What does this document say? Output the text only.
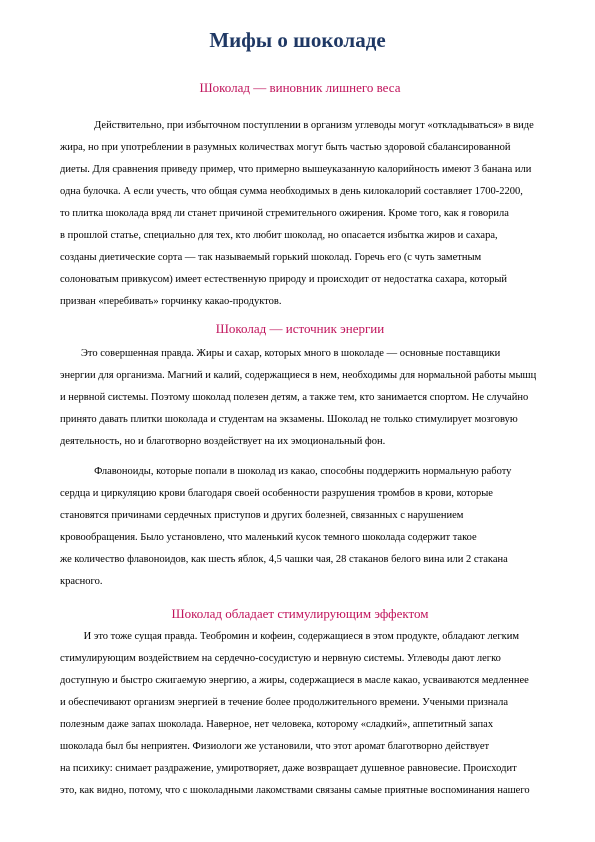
Мифы о шоколаде
Шоколад — виновник лишнего веса
Действительно, при избыточном поступлении в организм углеводы могут «откладываться» в виде
жира, но при употреблении в разумных количествах могут быть частью здоровой сбалансированной
диеты. Для сравнения приведу пример, что примерно вышеуказанную калорийность имеют 3 банана или
одна булочка. А если учесть, что общая сумма необходимых в день килокалорий составляет 1700-2200,
то плитка шоколада вряд ли станет причиной стремительного ожирения. Кроме того, как я говорила
в прошлой статье, специально для тех, кто любит шоколад, но опасается избытка жиров и сахара,
созданы диетические сорта — так называемый горький шоколад. Горечь его (с чуть заметным
солоноватым привкусом) имеет естественную природу и происходит от недостатка сахара, который
призван «перебивать» горчинку какао-продуктов.
Шоколад — источник энергии
Это совершенная правда. Жиры и сахар, которых много в шоколаде — основные поставщики
энергии для организма. Магний и калий, содержащиеся в нем, необходимы для нормальной работы мышц
и нервной системы. Поэтому шоколад полезен детям, а также тем, кто занимается спортом. Не случайно
принято давать плитки шоколада и студентам на экзамены. Шоколад не только стимулирует мозговую
деятельность, но и благотворно воздействует на их эмоциональный фон.
Флавоноиды, которые попали в шоколад из какао, способны поддержить нормальную работу
сердца и циркуляцию крови благодаря своей особенности разрушения тромбов в крови, которые
становятся причинами сердечных приступов и других болезней, связанных с нарушением
кровообращения. Было установлено, что маленький кусок темного шоколада содержит такое
же количество флавоноидов, как шесть яблок, 4,5 чашки чая, 28 стаканов белого вина или 2 стакана
красного.
Шоколад обладает стимулирующим эффектом
И это тоже сущая правда. Теобромин и кофеин, содержащиеся в этом продукте, обладают легким
стимулирующим воздействием на сердечно-сосудистую и нервную системы. Углеводы дают легко
доступную и быстро сжигаемую энергию, а жиры, содержащиеся в масле какао, усваиваются медленнее
и обеспечивают организм энергией в течение более продолжительного времени. Учеными признала
полезным даже запах шоколада. Наверное, нет человека, которому «сладкий», аппетитный запах
шоколада был бы неприятен. Физиологи же установили, что этот аромат благотворно действует
на психику: снимает раздражение, умиротворяет, даже возвращает душевное равновесие. Происходит
это, как видно, потому, что с шоколадными лакомствами связаны самые приятные воспоминания нашего
